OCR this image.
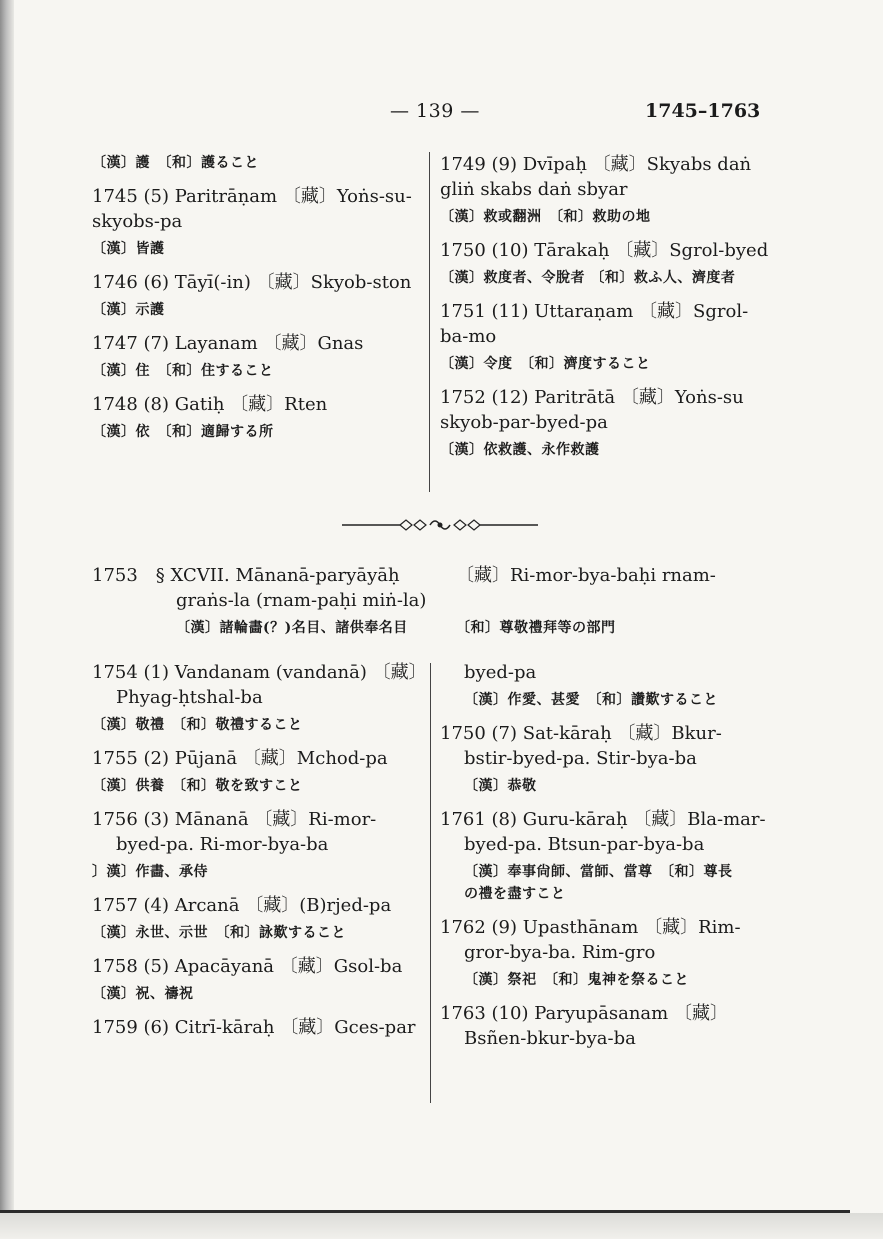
— 139 —	1745–1763
〔漢〕護　〔和〕護ること
1745 (5) Paritrāṇam 〔藏〕Yoṅs-su-
skyobs-pa
〔漢〕皆護
1746 (6) Tāyī(-in) 〔藏〕Skyob-ston
〔漢〕示護
1747 (7) Layanam 〔藏〕Gnas
〔漢〕住　〔和〕住すること
1748 (8) Gatiḥ 〔藏〕Rten
〔漢〕依　〔和〕適歸する所
1749 (9) Dvīpaḥ 〔藏〕Skyabs daṅ
gliṅ skabs daṅ sbyar
〔漢〕救或翻洲　〔和〕救助の地
1750 (10) Tārakaḥ 〔藏〕Sgrol-byed
〔漢〕救度者、令脫者 〔和〕救ふ人、濟度者
1751 (11) Uttaraṇam 〔藏〕Sgrol-
ba-mo
〔漢〕令度　〔和〕濟度すること
1752 (12) Paritrātā 〔藏〕Yoṅs-su
skyob-par-byed-pa
〔漢〕依救護、永作救護
1753　§ XCVII. Mānanā-paryāyāḥ	〔藏〕Ri-mor-bya-baḥi rnam-
graṅs-la (rnam-paḥi miṅ-la)
〔漢〕諸輪畵(？)名目、諸供奉名目	〔和〕尊敬禮拜等の部門
1754 (1) Vandanam (vandanā) 〔藏〕
Phyag-ḥtshal-ba
〔漢〕敬禮　〔和〕敬禮すること
1755 (2) Pūjanā 〔藏〕Mchod-pa
〔漢〕供養　〔和〕敬を致すこと
1756 (3) Mānanā 〔藏〕Ri-mor-
byed-pa. Ri-mor-bya-ba
〕漢〕作畵、承侍
1757 (4) Arcanā 〔藏〕(B)rjed-pa
〔漢〕永世、示世　〔和〕詠歎すること
1758 (5) Apacāyanā 〔藏〕Gsol-ba
〔漢〕祝、禱祝
1759 (6) Citrī-kāraḥ 〔藏〕Gces-par
byed-pa
〔漢〕作愛、甚愛　〔和〕讚歎すること
1750 (7) Sat-kāraḥ 〔藏〕Bkur-
bstir-byed-pa. Stir-bya-ba
〔漢〕恭敬
1761 (8) Guru-kāraḥ 〔藏〕Bla-mar-
byed-pa. Btsun-par-bya-ba
〔漢〕奉事尙師、當師、當尊　〔和〕尊長
の禮を盡すこと
1762 (9) Upasthānam 〔藏〕Rim-
gror-bya-ba. Rim-gro
〔漢〕祭祀　〔和〕鬼神を祭ること
1763 (10) Paryupāsanam 〔藏〕
Bsñen-bkur-bya-ba
